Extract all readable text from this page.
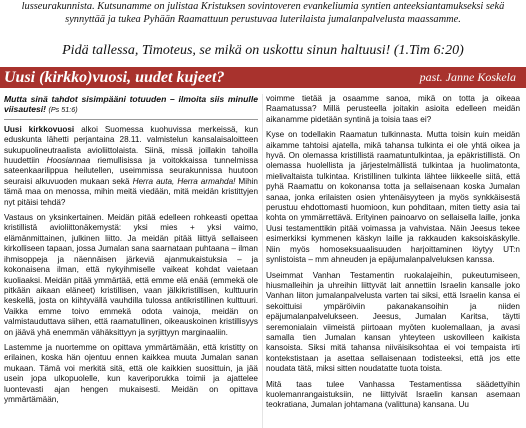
lusseurakunnista. Kutsunamme on julistaa Kristuksen sovintoveren evankeliumia syntien anteeksiantamukseksi sekä synnyttää ja tukea Pyhään Raamattuun perustuvaa luterilaista jumalanpalvelusta maassamme.

Pidä tallessa, Timoteus, se mikä on uskottu sinun haltuusi! (1.Tim 6:20)

Uusi (kirkko)vuosi, uudet kujeet?	past. Janne Koskela
Mutta sinä tahdot sisimpääni totuuden – ilmoita siis minulle viisautesi! (Ps 51:6)

Uusi kirkkovuosi alkoi Suomessa kuohuvissa merkeissä, kun eduskunta lähetti perjantaina 28.11. valmistelun kansalaisaloitteen sukupuolineutraalista avioliittolaista. Siinä, missä joillakin tahoilla huudettiin Hoosiannaa riemullisissa ja voitokkaissa tunnelmissa sateenkaarilippua heilutellen, useimmissa seurakunnissa huutoon seuraisi alkuvuoden mukaan sekä Herra auta, Herra armahda! Mihin tämä maa on menossa, mihin meitä viedään, mitä meidän kristittyjen nyt pitäisi tehdä?

Vastaus on yksinkertainen. Meidän pitää edelleen rohkeasti opettaa kristillistä avioliittonäkemystä: yksi mies + yksi vaimo, elämänmittainen, julkinen liitto. Ja meidän pitää liittyä sellaiseen kirkolliseen tapaan, jossa Jumalan sana saarnataan puhtaana – ilman ihmisoppeja ja näennäisen järkeviä ajanmukaistuksia – ja kokonaisena ilman, että nykyihmiselle vaikeat kohdat vaietaan kuoliaaksi. Meidän pitää ymmärtää, että emme elä enää (emmekä ole pitkään aikaan eläneet) kristillisen, vaan jälkikristillisen, kulttuurin keskellä, josta on kiihtyvällä vauhdilla tulossa antikristillinen kulttuuri. Vaikka emme toivo emmekä odota vainoja, meidän on valmistauduttava siihen, että raamatullinen, oikeauskoinen kristillisyys on jäävä yhä enemmän vähäksittyyn ja syrjittyyn marginaaliin.

Lastemme ja nuortemme on opittava ymmärtämään, että kristitty on erilainen, koska hän ojentuu ennen kaikkea muuta Jumalan sanan mukaan. Tämä voi merkitä sitä, että ole kaikkien suosittuin, ja jää usein jopa ulkopuolelle, kun kaveriporukka toimii ja ajattelee luontevasti ajan hengen mukaisesti. Meidän on opittava ymmärtämään,

voimme tietää ja osaamme sanoa, mikä on totta ja oikeaa Raamatussa? Millä perusteella joitakin asioita edelleen meidän aikanamme pidetään syntinä ja toisia taas ei?

Kyse on todellakin Raamatun tulkinnasta. Mutta toisin kuin meidän aikamme tahtoisi ajatella, mikä tahansa tulkinta ei ole yhtä oikea ja hyvä. On olemassa kristillistä raamatuntulkintaa, ja epäkristillistä. On olemassa huolellista ja järjestelmällistä tulkintaa ja huolimatonta, mielivaltaista tulkintaa. Kristillinen tulkinta lähtee liikkeelle siitä, että pyhä Raamattu on kokonansa totta ja sellaisenaan koska Jumalan sanaa, jonka erilaisten osien yhtenäisyyteen ja myös synkkäisestä perustuu ehdottomasti huomioon, kun pohditaan, miten tietty asia tai kohta on ymmärrettävä. Erityinen painoarvo on sellaisella laille, jonka Uusi testamenttikin pitää voimassa ja vahvistaa. Näin Jeesus tekee esimerkiksi kymmenen käskyn laille ja rakkauden kaksoiskäskylle. Niin myös homoseksuaalisuuden harjoittaminen löytyy UT:n synlistoista – mm ahneuden ja epäjumalanpalveluksen kanssa.

Useimmat Vanhan Testamentin ruokalajeihin, pukeutumiseen, hiusmalleihin ja uhreihin liittyvät lait annettiin Israelin kansalle joko Vanhan liiton jumalanpalvelusta varten tai siksi, että Israelin kansa ei sekoittuisi ympäröiviin pakanakansoihin ja niiden epäjumalanpalvelukseen. Jeesus, Jumalan Karitsa, täytti seremonialain viimeistä piirtoaan myöten kuolemallaan, ja avasi samalla tien Jumalan kansan yhteyteen uskovilleen kaikista kansoista. Siksi mitä tahansa niiväisiksohtaa ei voi tempaista irti kontekstistaan ja asettaa sellaisenaan todisteeksi, että jos ette noudata tätä, miksi sitten noudatatte tuota toista.

Mitä taas tulee Vanhassa Testamentissa säädettyihin kuolemanrangaistuksiin, ne liittyivät Israelin kansan asemaan teokratiana, Jumalan johtamana (valittuna) kansana. Uu
